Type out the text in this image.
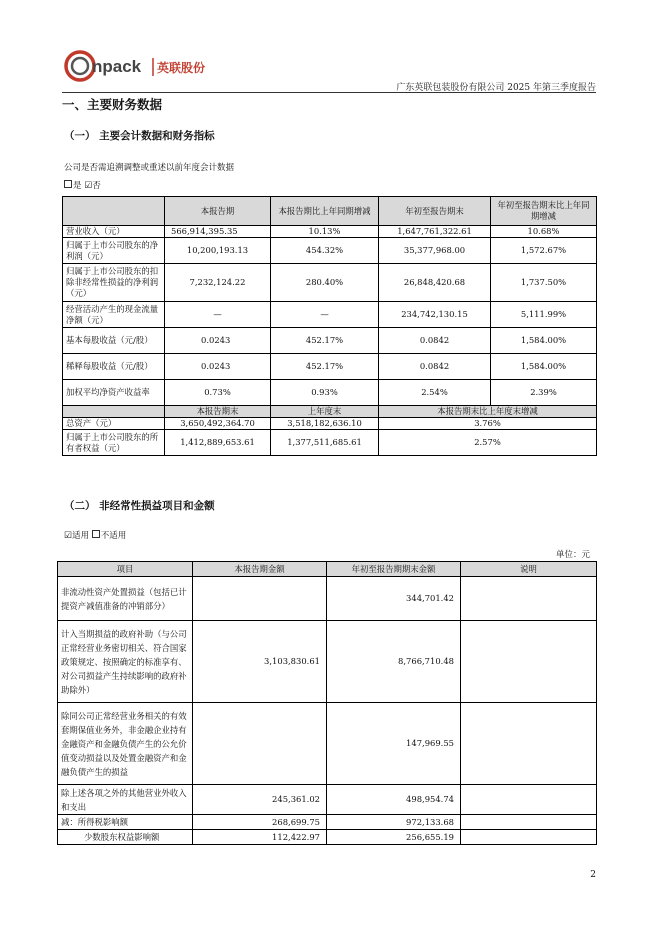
npack 英联股份
广东英联包装股份有限公司 2025 年第三季度报告
一、主要财务数据
（一） 主要会计数据和财务指标
公司是否需追溯调整或重述以前年度会计数据
是 ☑否
	本报告期	本报告期比上年同期增减	年初至报告期末	年初至报告期末比上年同期增减
营业收入（元）	566,914,395.35	10.13%	1,647,761,322.61	10.68%
归属于上市公司股东的净利润（元）	10,200,193.13	454.32%	35,377,968.00	1,572.67%
归属于上市公司股东的扣除非经常性损益的净利润（元）	7,232,124.22	280.40%	26,848,420.68	1,737.50%
经营活动产生的现金流量净额（元）	—	—	234,742,130.15	5,111.99%
基本每股收益（元/股）	0.0243	452.17%	0.0842	1,584.00%
稀释每股收益（元/股）	0.0243	452.17%	0.0842	1,584.00%
加权平均净资产收益率	0.73%	0.93%	2.54%	2.39%
	本报告期末	上年度末	本报告期末比上年度末增减	
总资产（元）	3,650,492,364.70	3,518,182,636.10	3.76%	
归属于上市公司股东的所有者权益（元）	1,412,889,653.61	1,377,511,685.61	2.57%	
（二） 非经常性损益项目和金额
☑适用 不适用
单位：元
项目	本报告期金额	年初至报告期期末金额	说明
非流动性资产处置损益（包括已计提资产减值准备的冲销部分）		344,701.42	
计入当期损益的政府补助（与公司正常经营业务密切相关、符合国家政策规定、按照确定的标准享有、对公司损益产生持续影响的政府补助除外）	3,103,830.61	8,766,710.48	
除同公司正常经营业务相关的有效套期保值业务外，非金融企业持有金融资产和金融负债产生的公允价值变动损益以及处置金融资产和金融负债产生的损益		147,969.55	
除上述各项之外的其他营业外收入和支出	245,361.02	498,954.74	
减：所得税影响额	268,699.75	972,133.68	
少数股东权益影响额	112,422.97	256,655.19	
2
